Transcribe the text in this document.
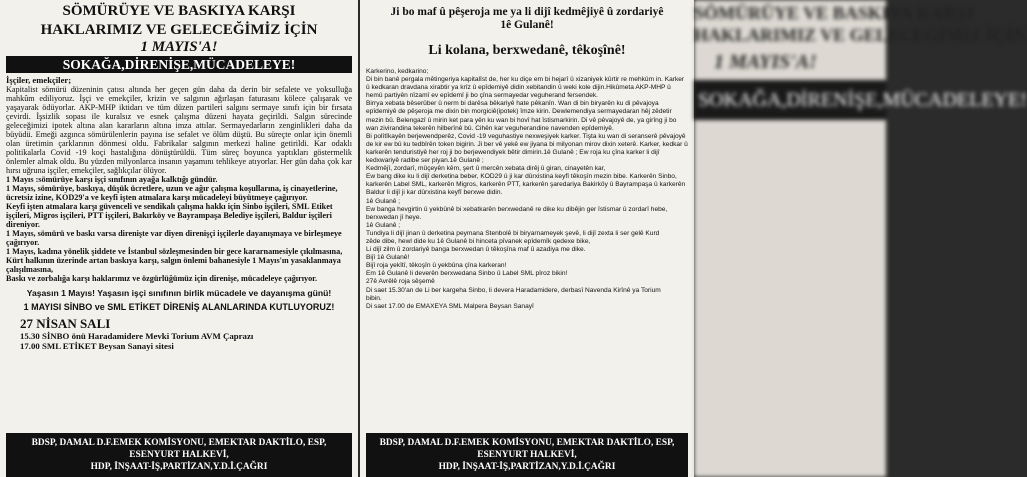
SÖMÜRÜYE VE BASKIYA KARŞI
HAKLARIMIZ VE GELECEĞİMİZ İÇİN
1 MAYIS'A!
SOKAĞA,DİRENİŞE,MÜCADELEYE!

İşçiler, emekçiler;

Kapitalist sömürü düzeninin çatısı altında her geçen gün daha da derin bir sefalete ve yoksulluğa mahkûm ediliyoruz. İşçi ve emekçiler, krizin ve salgının ağırlaşan faturasını kölece çalışarak ve yaşayarak ödüyorlar. AKP-MHP iktidarı ve tüm düzen partileri salgını sermaye sınıfı için bir fırsata çevirdi. İşsizlik sopası ile kuralsız ve esnek çalışma düzeni hayata geçirildi. Salgın sürecinde geleceğimizi ipotek altına alan kararların altına imza attılar. Sermayedarların zenginlikleri daha da büyüdü. Emeği azgınca sömürülenlerin payına ise sefalet ve ölüm düştü. Bu süreçte onlar için önemli olan üretimin çarklarının dönmesi oldu. Fabrikalar salgının merkezi haline getirildi. Kar odaklı politikalarla Covid -19 koçi hastalığına dönüştürüldü. Tüm süreç boyunca yaptıkları göstermelik önlemler almak oldu. Bu yüzden milyonlarca insanın yaşamını tehlikeye atıyorlar. Her gün daha çok kar hırsı uğruna işçiler, emekçiler, sağlıkçılar ölüyor.

1 Mayıs :sömürüye karşı işçi sınıfının ayağa kalktığı gündür.

1 Mayıs, sömürüye, baskıya, düşük ücretlere, uzun ve ağır çalışma koşullarına, iş cinayetlerine, ücretsiz izine, KOD29'a ve keyfi işten atmalara karşı mücadeleyi büyütmeye çağırıyor.

Keyfi işten atmalara karşı güvenceli ve sendikalı çalışma hakkı için Sinbo işçileri, SML Etiket işçileri, Migros işçileri, PTT işçileri, Bakırköy ve Bayrampaşa Belediye işçileri, Baldur işçileri direniyor.

1 Mayıs, sömürü ve baskı varsa direnişte var diyen direnişçi işçilerle dayanışmaya ve birleşmeye çağırıyor.

1 Mayıs, kadına yönelik şiddete ve İstanbul sözleşmesinden bir gece kararnamesiyle çıkılmasına, Kürt halkının üzerinde artan baskıya karşı, salgın önlemi bahanesiyle 1 Mayıs'ın yasaklanmaya çalışılmasına,

Baskı ve zorbalığa karşı haklarımız ve özgürlüğümüz için direnişe, mücadeleye çağırıyor.

Yaşasın 1 Mayıs! Yaşasın işçi sınıfının birlik mücadele ve dayanışma günü!
1 MAYISI SİNBO ve SML ETİKET DİRENİŞ ALANLARINDA KUTLUYORUZ!
27 NİSAN SALI
15.30 SİNBO önü Haradamidere Mevki Torium AVM Çaprazı
17.00 SML ETİKET Beysan Sanayi sitesi
BDSP, DAMAL D.F.EMEK KOMİSYONU, EMEKTAR DAKTİLO, ESP, ESENYURT HALKEVİ,
HDP, İNŞAAT-İŞ,PARTİZAN,Y.D.İ.ÇAĞRI
Ji bo maf û pêşeroja me ya li dijî kedmêjiyê û zordariyê
1ê Gulanê!
Li kolana, berxwedanê, têkoşînê!

Karkerino, kedkarino;

Di bin banê pergala mêtingeriya kapitalîst de, her ku diçe em bi hejarî û xizaniyek kûrtir re mehkûm in. Karker û kedkaran dravdana xirabtir ya krîz û epîdemiyê didin xebitandin û weki kole dijin.Hikûmeta AKP-MHP û hemû partiyên nîzamî ev epîdemî ji bo çîna sermayedar veguherand fersendek.

Birrya xebata bêserûber û nerm bi darêsa bêkariyê hate pêkanîn. Wan di bin biryarên ku di pêvajoya epîdemiyê de pêşeroja me dixin bin morgiciê(ipotek) îmze kirin. Dewlemendiya sermayedaran hêj zêdetir mezin bû. Belengazî û mirin ket para yên ku wan bi hovî hat îstismarkirin. Di vê pêvajoyê de, ya girîng ji bo wan zivirandina tekerên hilberînê bû. Cihên kar veguherandine navenden epîdemiyê.

Bi polîtîkayên berjewendperêz, Covid -19 veguhastiye nexweşiyek karker. Tişta ku wan di seranserê pêvajoyê de kir ew bû ku tedbîrên token bigirin. Ji ber vê yekê ew jiyana bi milyonan mirov dixin xeterê. Karker, kedkar û karkerên tenduristiyê her roj ji bo berjewendiyek bêtir dimirin.1ê Gulanê ; Ew roja ku çîna karker li dijî kedxwariyê radibe ser piyan.1ê Gulanê ;

Kedmêjî, zordarî, mûçeyên kêm, şert û mercên xebata dirêj û giran, cinayetên kar,

Ew bang dike ku li dijî derketina beber, KOD29 û ji kar dûrxistina keyfî têkoşîn mezin bibe. Karkerên Sinbo, karkerên Label SML, karkerên Migros, karkerên PTT, karkerên şaredariya Bakirköy û Bayrampaşa û karkerên Baldur li dijî ji kar dûrxistina keyfî berxwe didin.

1ê Gulanê ;

Ew banga hevgirtin û yekbûnê bi xebatkarên berxwedanê re dike ku dibêjin ger îstismar û zordarî hebe, berxwedan jî heye.

1ê Gulanê ;

Tundiya li dijî jinan û derketina peymana Stenbolê bi biryarnameyek şevê, li dijî zexta li ser gelê Kurd

zêde dibe, hewl dide ku 1ê Gulanê bi hinceta pîvanek epîdemîk qedexe bike,

Li dijî zilm û zordariyê banga berxwedan û têkoşîna maf û azadiya me dike.

Bijî 1ê Gulanê!

Bijî roja yekîtî, têkoşîn û yekbûna çîna karkeran!

Em 1ê Gulanê li deverên berxwedana Sinbo û Label SML pîroz bikin!

27ê Avrêlê roja sêşemê

Di saet 15.30'an de Li ber kargeha Sinbo, li devera Haradamidere, derbasî Navenda Kirînê ya Torium

bibin.

Di saet 17.00 de EMAXEYA SML Malpera Beysan Sanayî

BDSP, DAMAL D.F.EMEK KOMİSYONU, EMEKTAR DAKTİLO, ESP, ESENYURT HALKEVİ,
HDP, İNŞAAT-İŞ,PARTİZAN,Y.D.İ.ÇAĞRI
SÖMÜRÜYE VE BASKIYA KARŞI
HAKLARIMIZ VE GELECEĞİMİZ İÇİN
1 MAYIS'A!
SOKAĞA,DİRENİŞE,MÜCADELEYE!
